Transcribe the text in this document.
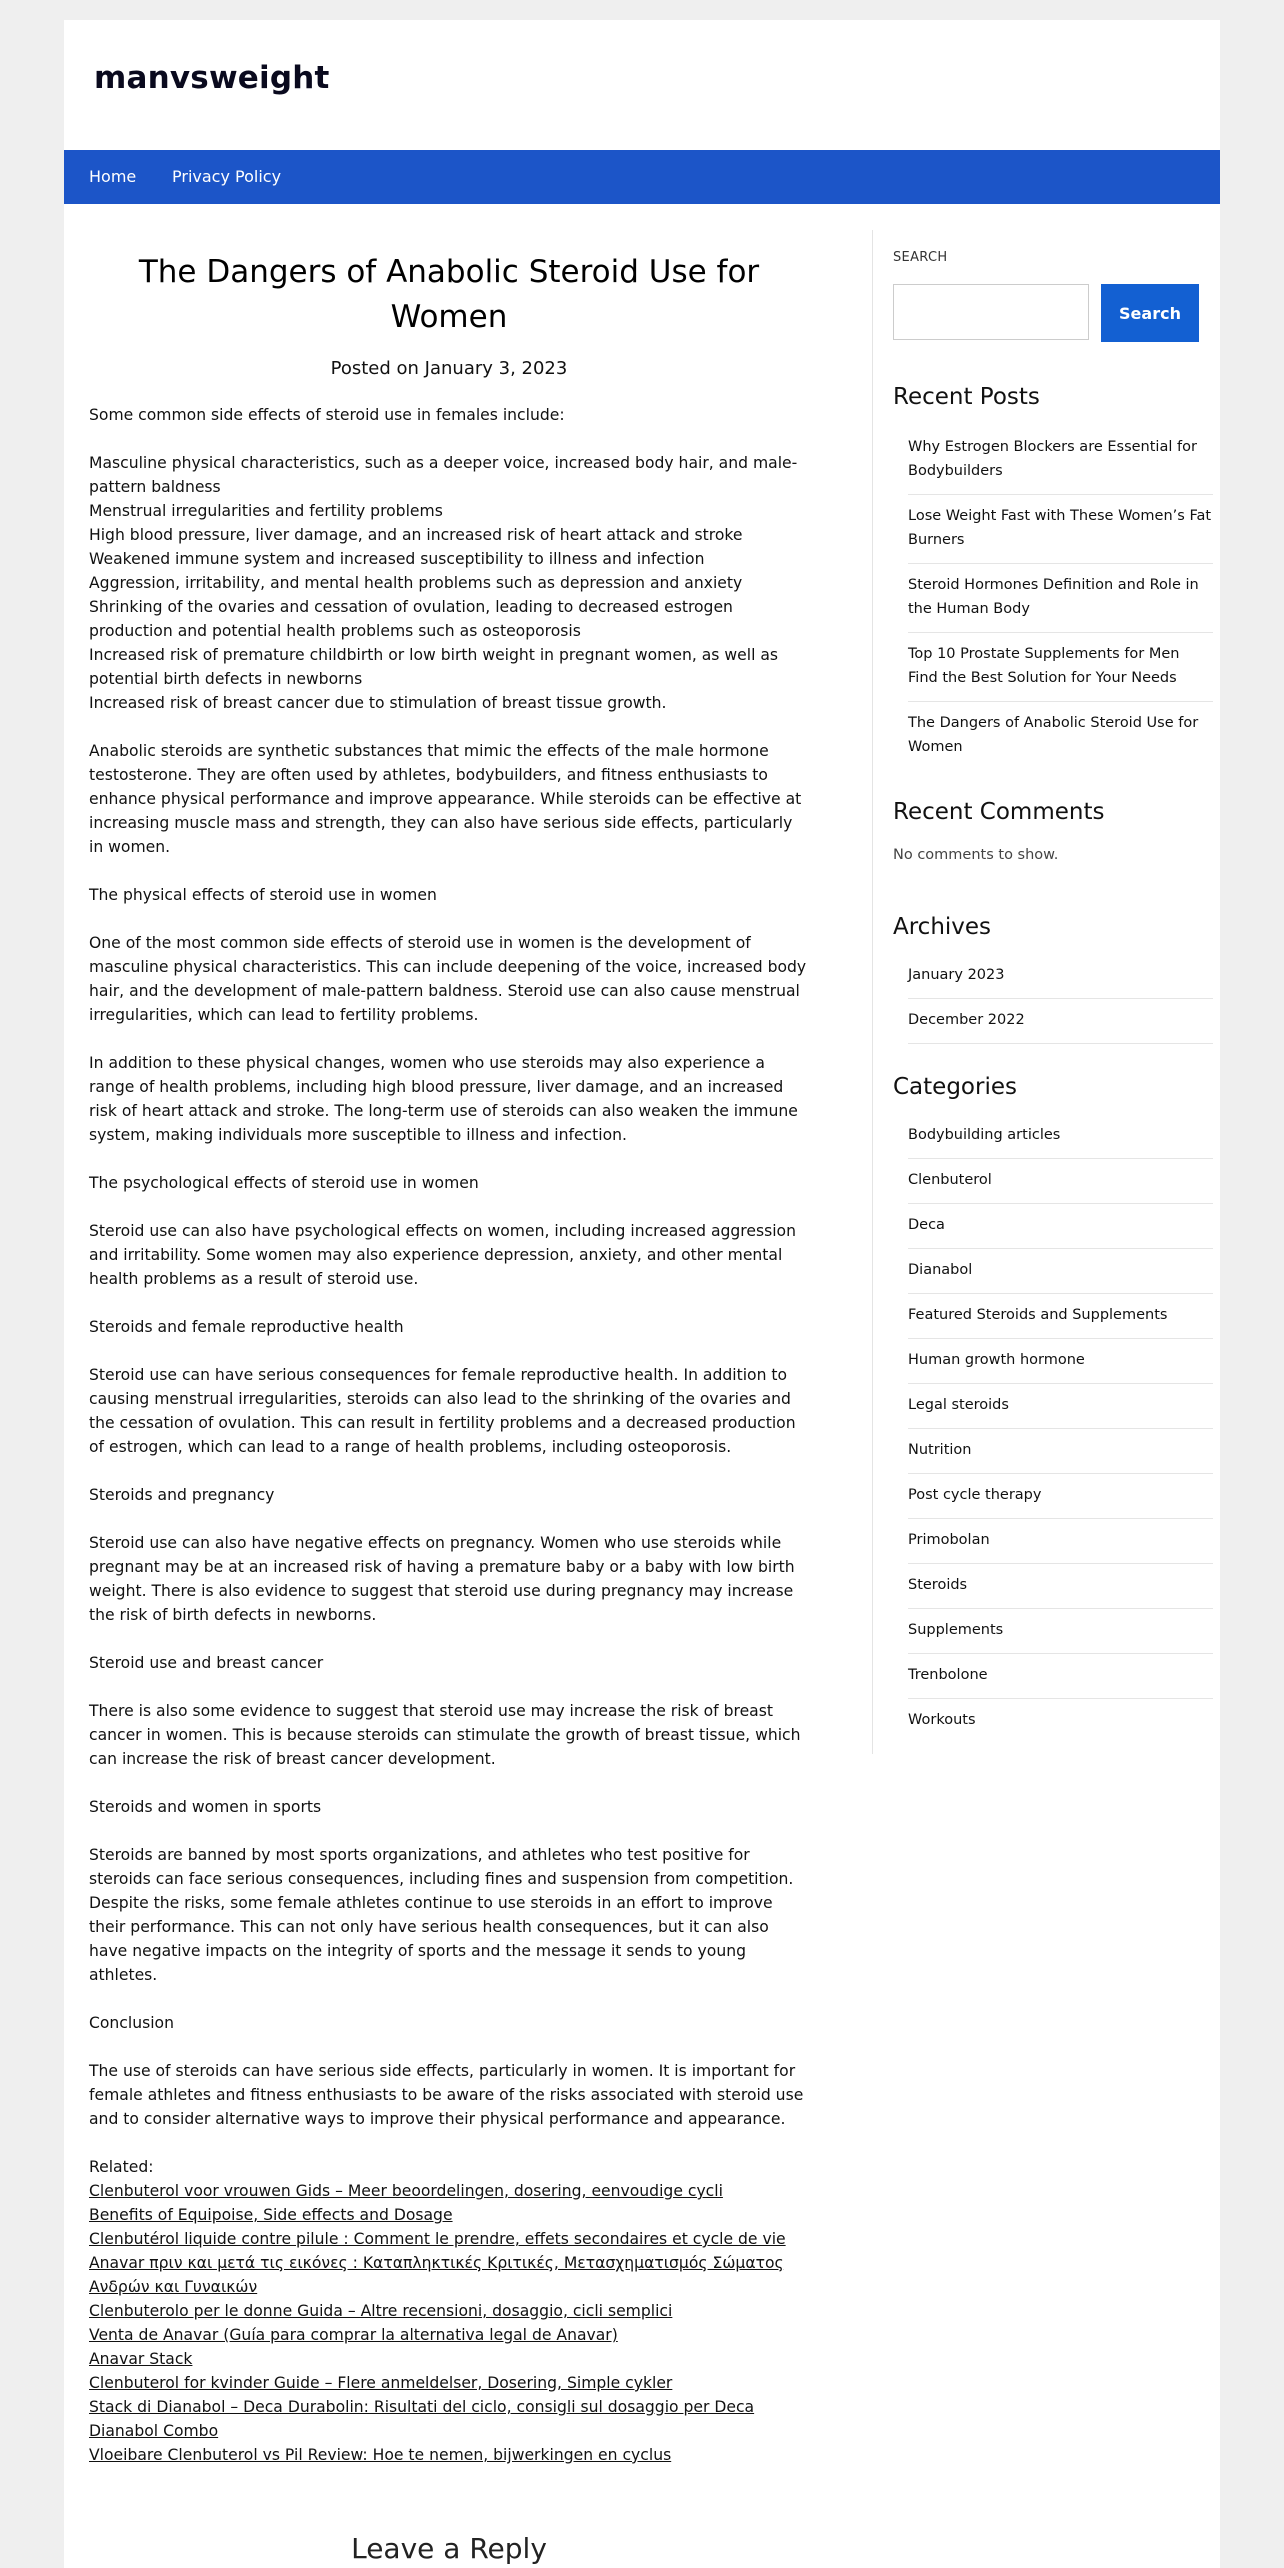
manvsweight
Home Privacy Policy
The Dangers of Anabolic Steroid Use for Women
Posted on January 3, 2023

Some common side effects of steroid use in females include:

Masculine physical characteristics, such as a deeper voice, increased body hair, and male-pattern baldness
Menstrual irregularities and fertility problems
High blood pressure, liver damage, and an increased risk of heart attack and stroke
Weakened immune system and increased susceptibility to illness and infection
Aggression, irritability, and mental health problems such as depression and anxiety
Shrinking of the ovaries and cessation of ovulation, leading to decreased estrogen production and potential health problems such as osteoporosis
Increased risk of premature childbirth or low birth weight in pregnant women, as well as potential birth defects in newborns
Increased risk of breast cancer due to stimulation of breast tissue growth.

Anabolic steroids are synthetic substances that mimic the effects of the male hormone testosterone. They are often used by athletes, bodybuilders, and fitness enthusiasts to enhance physical performance and improve appearance. While steroids can be effective at increasing muscle mass and strength, they can also have serious side effects, particularly in women.

The physical effects of steroid use in women

One of the most common side effects of steroid use in women is the development of masculine physical characteristics. This can include deepening of the voice, increased body hair, and the development of male-pattern baldness. Steroid use can also cause menstrual irregularities, which can lead to fertility problems.

In addition to these physical changes, women who use steroids may also experience a range of health problems, including high blood pressure, liver damage, and an increased risk of heart attack and stroke. The long-term use of steroids can also weaken the immune system, making individuals more susceptible to illness and infection.

The psychological effects of steroid use in women

Steroid use can also have psychological effects on women, including increased aggression and irritability. Some women may also experience depression, anxiety, and other mental health problems as a result of steroid use.

Steroids and female reproductive health

Steroid use can have serious consequences for female reproductive health. In addition to causing menstrual irregularities, steroids can also lead to the shrinking of the ovaries and the cessation of ovulation. This can result in fertility problems and a decreased production of estrogen, which can lead to a range of health problems, including osteoporosis.

Steroids and pregnancy

Steroid use can also have negative effects on pregnancy. Women who use steroids while pregnant may be at an increased risk of having a premature baby or a baby with low birth weight. There is also evidence to suggest that steroid use during pregnancy may increase the risk of birth defects in newborns.

Steroid use and breast cancer

There is also some evidence to suggest that steroid use may increase the risk of breast cancer in women. This is because steroids can stimulate the growth of breast tissue, which can increase the risk of breast cancer development.

Steroids and women in sports

Steroids are banned by most sports organizations, and athletes who test positive for steroids can face serious consequences, including fines and suspension from competition. Despite the risks, some female athletes continue to use steroids in an effort to improve their performance. This can not only have serious health consequences, but it can also have negative impacts on the integrity of sports and the message it sends to young athletes.

Conclusion

The use of steroids can have serious side effects, particularly in women. It is important for female athletes and fitness enthusiasts to be aware of the risks associated with steroid use and to consider alternative ways to improve their physical performance and appearance.

Related:
Clenbuterol voor vrouwen Gids – Meer beoordelingen, dosering, eenvoudige cycli
Benefits of Equipoise, Side effects and Dosage
Clenbutérol liquide contre pilule : Comment le prendre, effets secondaires et cycle de vie
Anavar πριν και μετά τις εικόνες : Καταπληκτικές Κριτικές, Μετασχηματισμός Σώματος Ανδρών και Γυναικών
Clenbuterolo per le donne Guida – Altre recensioni, dosaggio, cicli semplici
Venta de Anavar (Guía para comprar la alternativa legal de Anavar)
Anavar Stack
Clenbuterol for kvinder Guide – Flere anmeldelser, Dosering, Simple cykler
Stack di Dianabol – Deca Durabolin: Risultati del ciclo, consigli sul dosaggio per Deca
Dianabol Combo
Vloeibare Clenbuterol vs Pil Review: Hoe te nemen, bijwerkingen en cyclus
Leave a Reply
SEARCH
Search
Recent Posts
Why Estrogen Blockers are Essential for Bodybuilders
Lose Weight Fast with These Women’s Fat Burners
Steroid Hormones Definition and Role in the Human Body
Top 10 Prostate Supplements for Men Find the Best Solution for Your Needs
The Dangers of Anabolic Steroid Use for Women
Recent Comments
No comments to show.
Archives
January 2023
December 2022
Categories
Bodybuilding articles
Clenbuterol
Deca
Dianabol
Featured Steroids and Supplements
Human growth hormone
Legal steroids
Nutrition
Post cycle therapy
Primobolan
Steroids
Supplements
Trenbolone
Workouts
